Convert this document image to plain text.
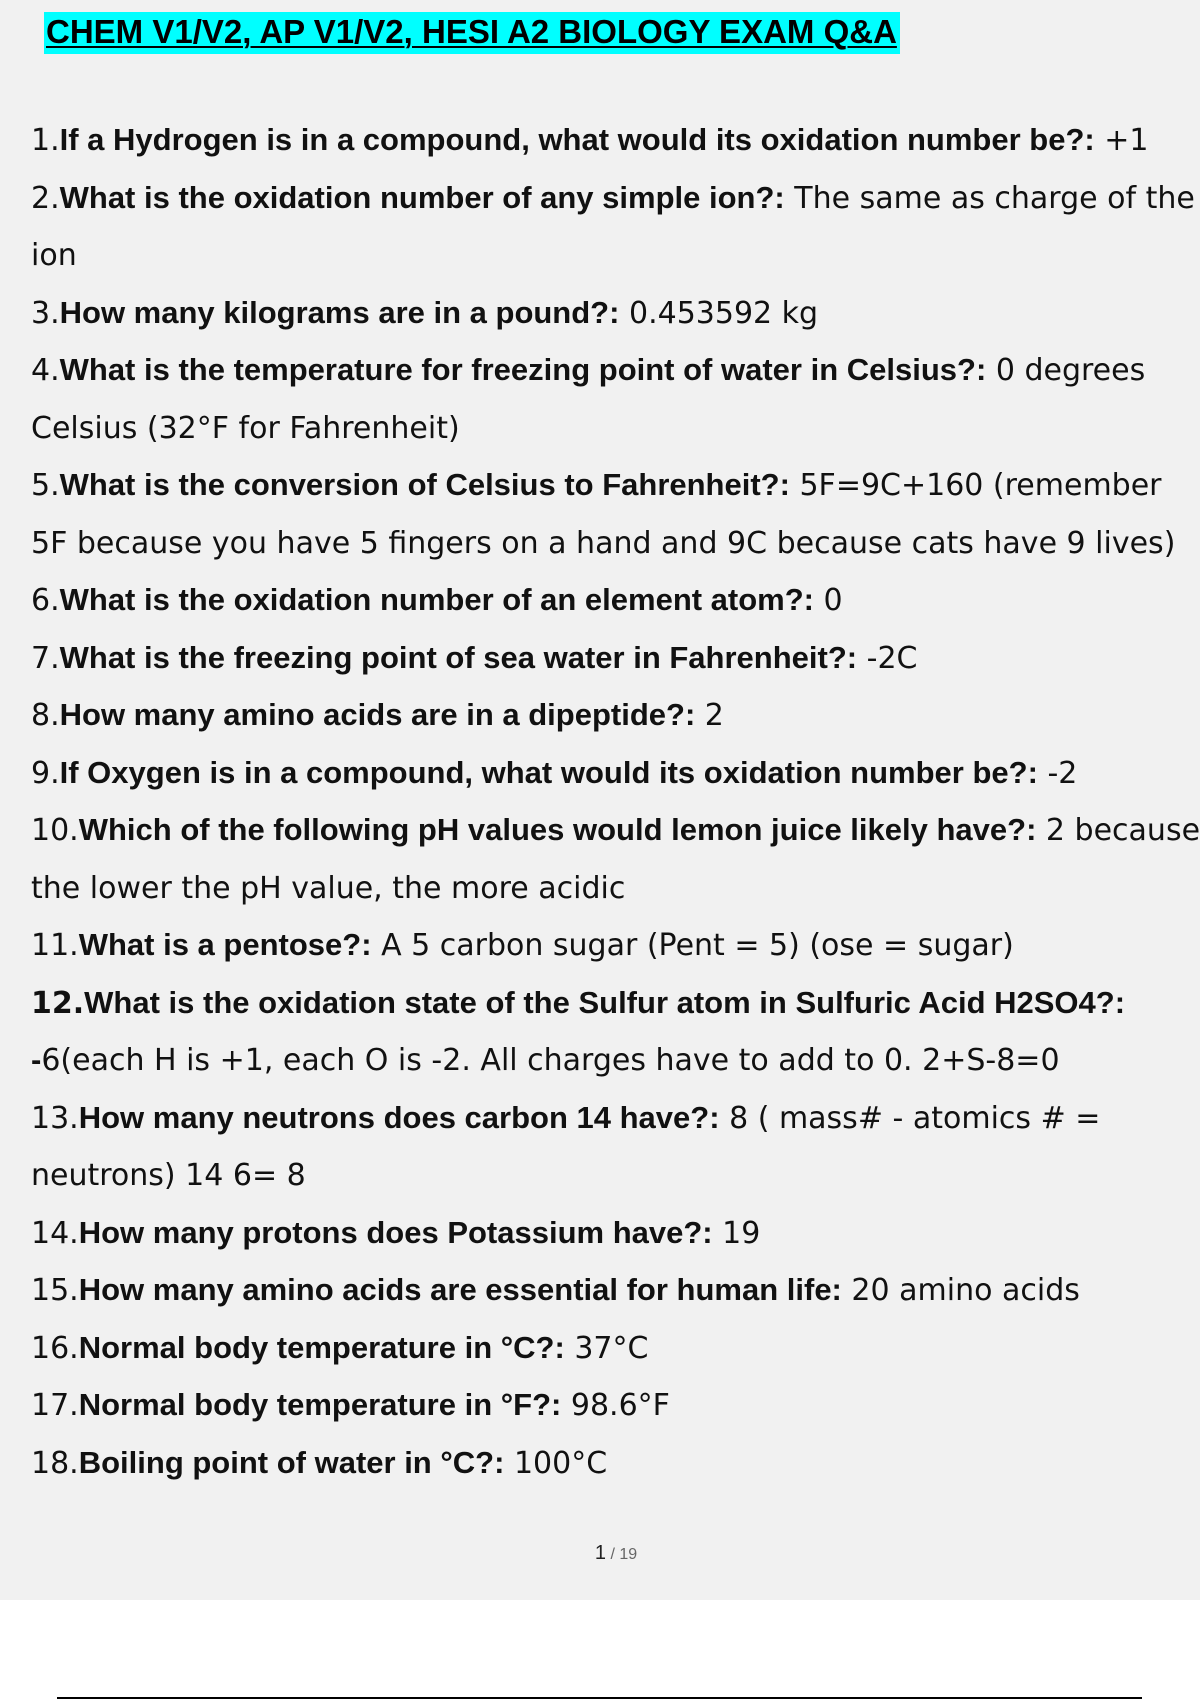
CHEM V1/V2, AP V1/V2, HESI A2 BIOLOGY EXAM Q&A
1.If a Hydrogen is in a compound, what would its oxidation number be?: +1
2.What is the oxidation number of any simple ion?: The same as charge of the ion
3.How many kilograms are in a pound?: 0.453592 kg
4.What is the temperature for freezing point of water in Celsius?: 0 degrees Celsius (32°F for Fahrenheit)
5.What is the conversion of Celsius to Fahrenheit?: 5F=9C+160 (remember 5F because you have 5 fingers on a hand and 9C because cats have 9 lives)
6.What is the oxidation number of an element atom?: 0
7.What is the freezing point of sea water in Fahrenheit?: -2C
8.How many amino acids are in a dipeptide?: 2
9.If Oxygen is in a compound, what would its oxidation number be?: -2
10.Which of the following pH values would lemon juice likely have?: 2 because the lower the pH value, the more acidic
11.What is a pentose?: A 5 carbon sugar (Pent = 5) (ose = sugar)
12.What is the oxidation state of the Sulfur atom in Sulfuric Acid H2SO4?: -6(each H is +1, each O is -2. All charges have to add to 0. 2+S-8=0
13.How many neutrons does carbon 14 have?: 8 ( mass# - atomics # = neutrons) 14 6= 8
14.How many protons does Potassium have?: 19
15.How many amino acids are essential for human life: 20 amino acids
16.Normal body temperature in °C?: 37°C
17.Normal body temperature in °F?: 98.6°F
18.Boiling point of water in °C?: 100°C
1 / 19
